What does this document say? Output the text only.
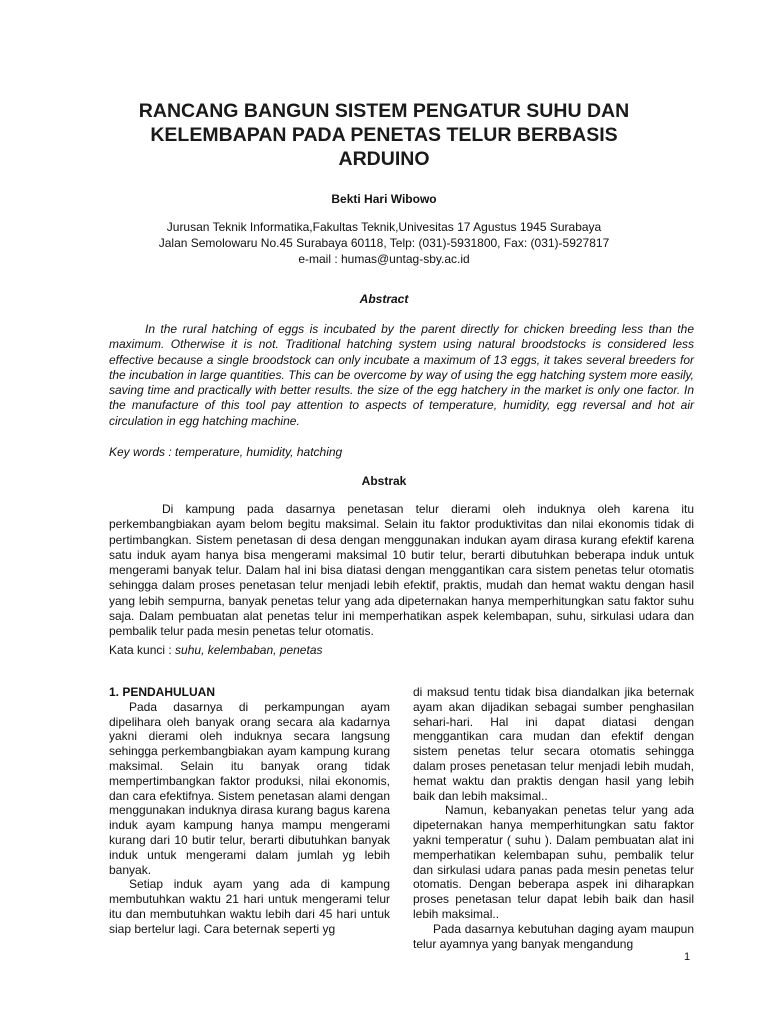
RANCANG BANGUN SISTEM PENGATUR SUHU DAN
KELEMBAPAN PADA PENETAS TELUR BERBASIS
ARDUINO
Bekti Hari Wibowo
Jurusan Teknik Informatika,Fakultas Teknik,Univesitas 17 Agustus 1945 Surabaya
Jalan Semolowaru No.45 Surabaya 60118, Telp: (031)-5931800, Fax: (031)-5927817
e-mail : humas@untag-sby.ac.id
Abstract

In the rural hatching of eggs is incubated by the parent directly for chicken breeding less than the maximum. Otherwise it is not. Traditional hatching system using natural broodstocks is considered less effective because a single broodstock can only incubate a maximum of 13 eggs, it takes several breeders for the incubation in large quantities. This can be overcome by way of using the egg hatching system more easily, saving time and practically with better results. the size of the egg hatchery in the market is only one factor. In the manufacture of this tool pay attention to aspects of temperature, humidity, egg reversal and hot air circulation in egg hatching machine.

Key words : temperature, humidity, hatching
Abstrak

Di kampung pada dasarnya penetasan telur dierami oleh induknya oleh karena itu perkembangbiakan ayam belom begitu maksimal. Selain itu faktor produktivitas dan nilai ekonomis tidak di pertimbangkan. Sistem penetasan di desa dengan menggunakan indukan ayam dirasa kurang efektif karena satu induk ayam hanya bisa mengerami maksimal 10 butir telur, berarti dibutuhkan beberapa induk untuk mengerami banyak telur. Dalam hal ini bisa diatasi dengan menggantikan cara sistem penetas telur otomatis sehingga dalam proses penetasan telur menjadi lebih efektif, praktis, mudah dan hemat waktu dengan hasil yang lebih sempurna, banyak penetas telur yang ada dipeternakan hanya memperhitungkan satu faktor suhu saja. Dalam pembuatan alat penetas telur ini memperhatikan aspek kelembapan, suhu, sirkulasi udara dan pembalik telur pada mesin penetas telur otomatis.

Kata kunci : suhu, kelembaban, penetas

1. PENDAHULUAN

Pada dasarnya di perkampungan ayam dipelihara oleh banyak orang secara ala kadarnya yakni dierami oleh induknya secara langsung sehingga perkembangbiakan ayam kampung kurang maksimal. Selain itu banyak orang tidak mempertimbangkan faktor produksi, nilai ekonomis, dan cara efektifnya. Sistem penetasan alami dengan menggunakan induknya dirasa kurang bagus karena induk ayam kampung hanya mampu mengerami kurang dari 10 butir telur, berarti dibutuhkan banyak induk untuk mengerami dalam jumlah yg lebih banyak.

Setiap induk ayam yang ada di kampung membutuhkan waktu 21 hari untuk mengerami telur itu dan membutuhkan waktu lebih dari 45 hari untuk siap bertelur lagi. Cara beternak seperti yg

di maksud tentu tidak bisa diandalkan jika beternak ayam akan dijadikan sebagai sumber penghasilan sehari-hari. Hal ini dapat diatasi dengan menggantikan cara mudan dan efektif dengan sistem penetas telur secara otomatis sehingga dalam proses penetasan telur menjadi lebih mudah, hemat waktu dan praktis dengan hasil yang lebih baik dan lebih maksimal..

Namun, kebanyakan penetas telur yang ada dipeternakan hanya memperhitungkan satu faktor yakni temperatur ( suhu ). Dalam pembuatan alat ini memperhatikan kelembapan suhu, pembalik telur dan sirkulasi udara panas pada mesin penetas telur otomatis. Dengan beberapa aspek ini diharapkan proses penetasan telur dapat lebih baik dan hasil lebih maksimal..

Pada dasarnya kebutuhan daging ayam maupun telur ayamnya yang banyak mengandung

1
